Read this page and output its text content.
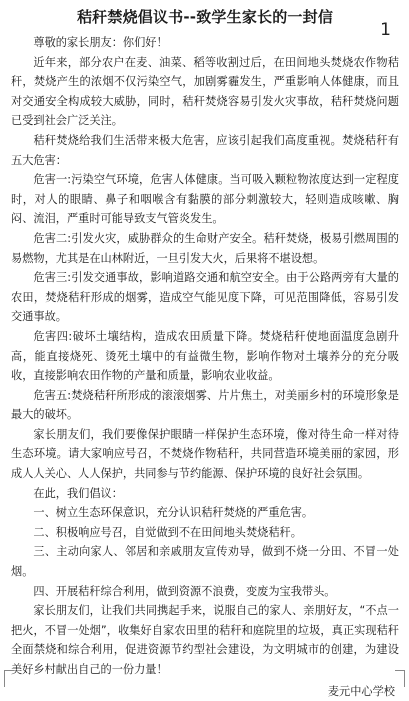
秸秆禁烧倡议书--致学生家长的一封信
1

尊敬的家长朋友：你们好！

近年来，部分农户在麦、油菜、稻等收割过后，在田间地头焚烧农作物秸秆，焚烧产生的浓烟不仅污染空气，加剧雾霾发生，严重影响人体健康，而且对交通安全构成较大威胁，同时，秸秆焚烧容易引发火灾事故，秸秆焚烧问题已受到社会广泛关注。

秸秆焚烧给我们生活带来极大危害，应该引起我们高度重视。焚烧秸秆有五大危害：

危害一:污染空气环境，危害人体健康。当可吸入颗粒物浓度达到一定程度时，对人的眼睛、鼻子和咽喉含有黏膜的部分刺激较大，轻则造成咳嗽、胸闷、流泪，严重时可能导致支气管炎发生。

危害二:引发火灾，威胁群众的生命财产安全。秸秆焚烧，极易引燃周围的易燃物，尤其是在山林附近，一旦引发大火，后果将不堪设想。

危害三:引发交通事故，影响道路交通和航空安全。由于公路两旁有大量的农田，焚烧秸秆形成的烟雾，造成空气能见度下降，可见范围降低，容易引发交通事故。

危害四:破坏土壤结构，造成农田质量下降。焚烧秸秆使地面温度急剧升高，能直接烧死、烫死土壤中的有益微生物，影响作物对土壤养分的充分吸收，直接影响农田作物的产量和质量，影响农业收益。

危害五:焚烧秸秆所形成的滚滚烟雾、片片焦土，对美丽乡村的环境形象是最大的破坏。

家长朋友们，我们要像保护眼睛一样保护生态环境，像对待生命一样对待生态环境。请大家响应号召，不焚烧作物秸秆，共同营造环境美丽的家园，形成人人关心、人人保护，共同参与节约能源、保护环境的良好社会氛围。

在此，我们倡议：

一、树立生态环保意识，充分认识秸秆焚烧的严重危害。

二、积极响应号召，自觉做到不在田间地头焚烧秸秆。

三、主动向家人、邻居和亲戚朋友宣传劝导，做到不烧一分田、不冒一处烟。

四、开展秸秆综合利用，做到资源不浪费，变废为宝我带头。

家长朋友们，让我们共同携起手来，说服自己的家人、亲朋好友，“不点一把火，不冒一处烟”，收集好自家农田里的秸秆和庭院里的垃圾，真正实现秸秆全面禁烧和综合利用，促进资源节约型社会建设，为文明城市的创建，为建设美好乡村献出自己的一份力量！

麦元中心学校
